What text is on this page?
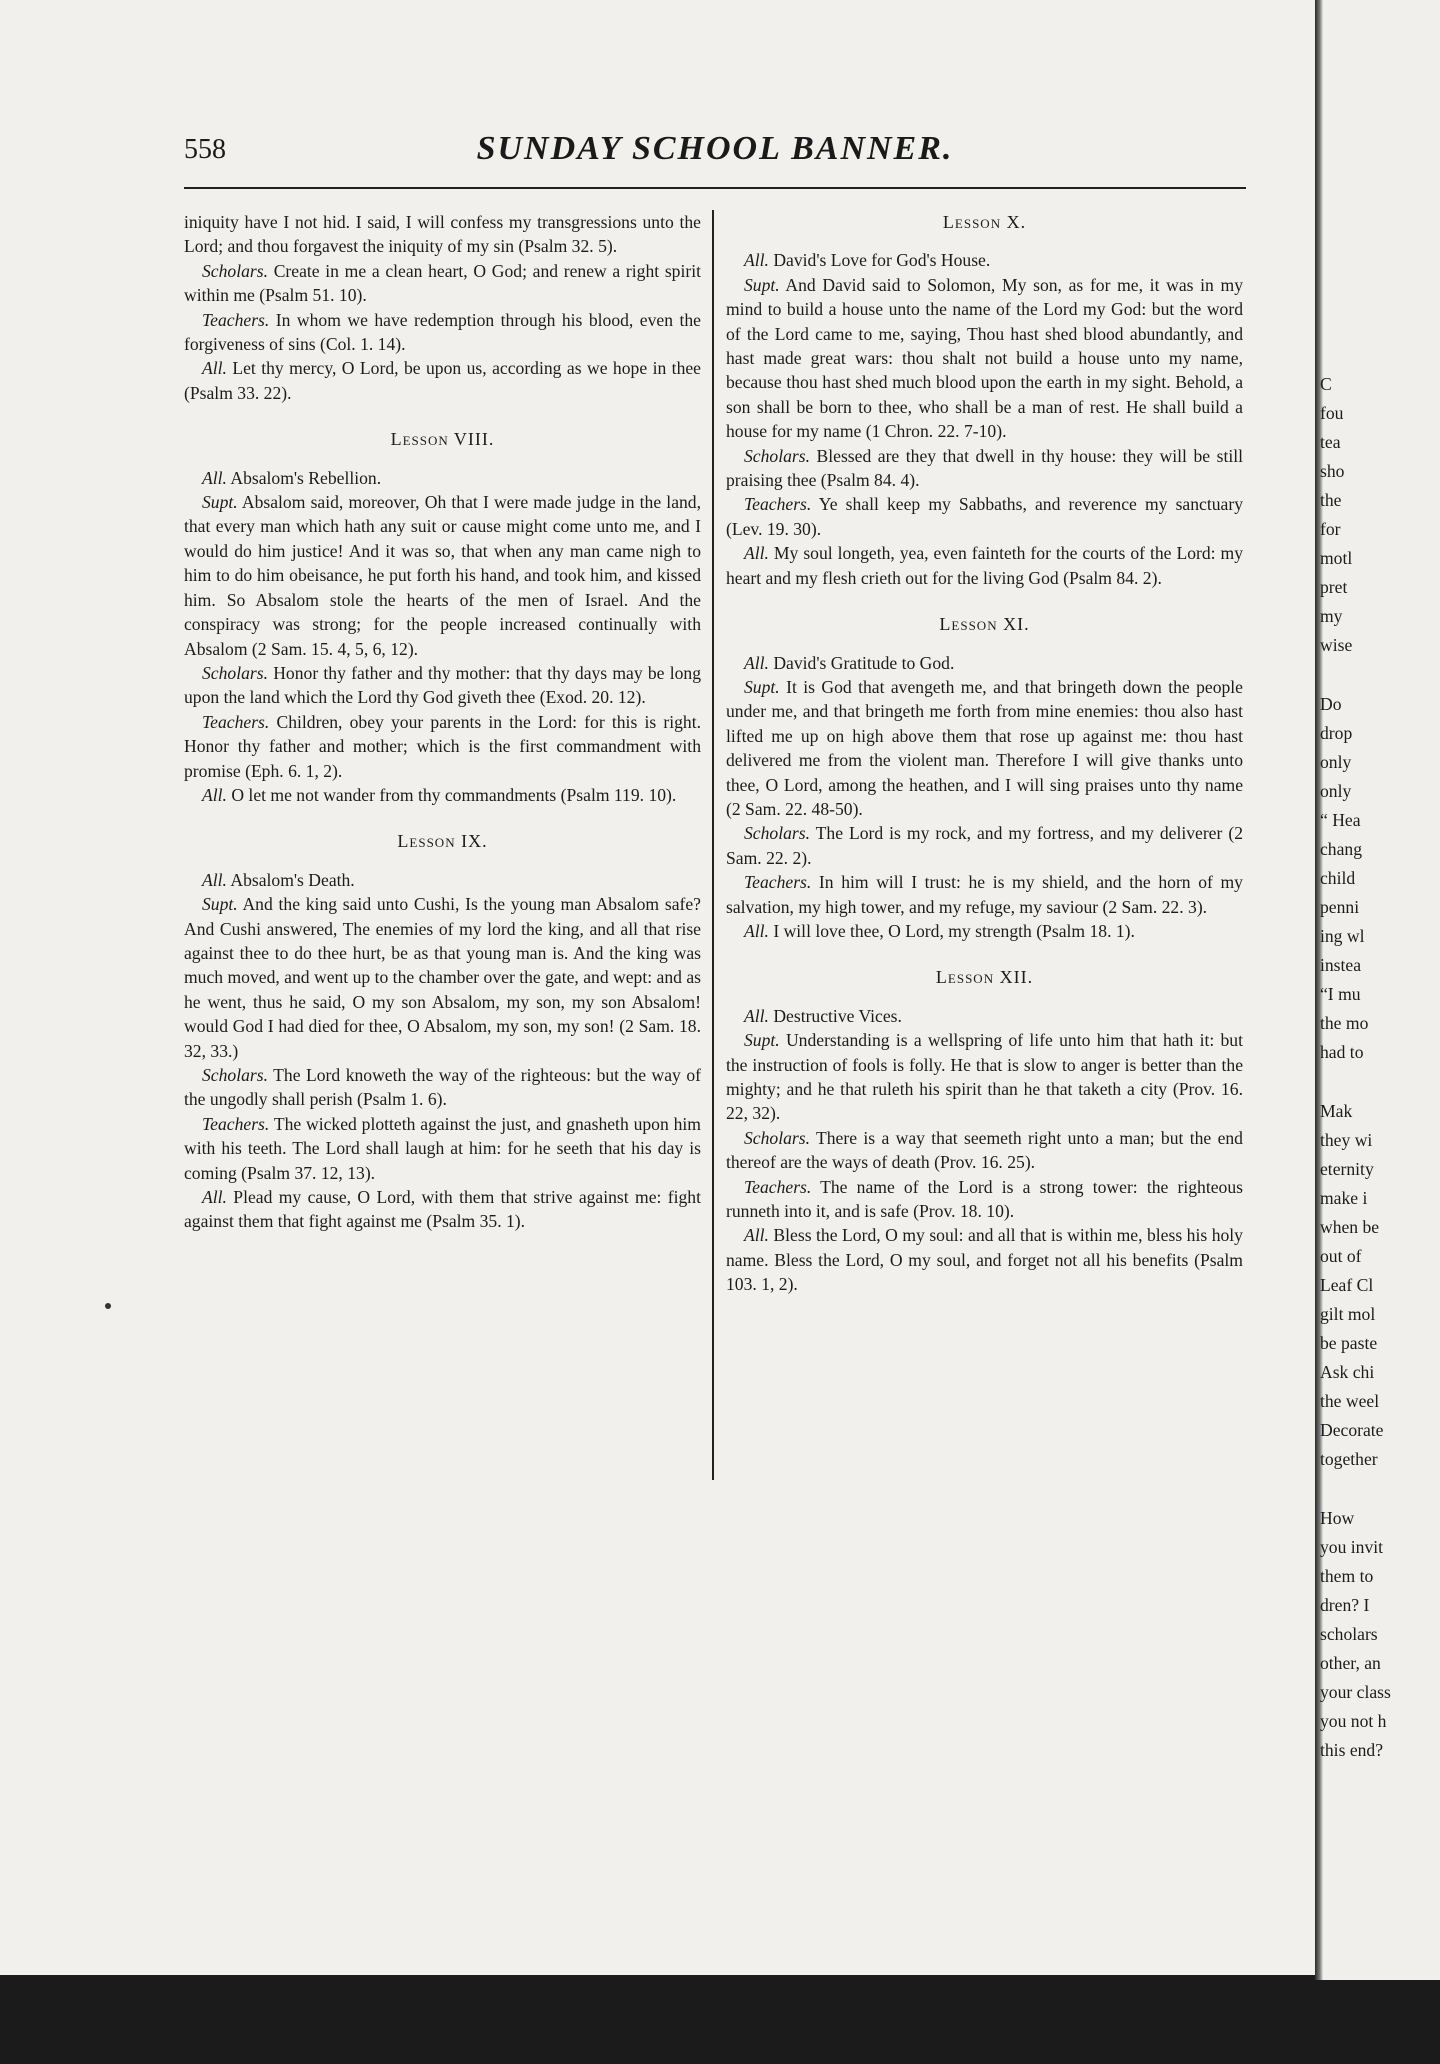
558	SUNDAY SCHOOL BANNER.

iniquity have I not hid. I said, I will confess my transgressions unto the Lord; and thou forgavest the iniquity of my sin (Psalm 32. 5).

Scholars. Create in me a clean heart, O God; and renew a right spirit within me (Psalm 51. 10).

Teachers. In whom we have redemption through his blood, even the forgiveness of sins (Col. 1. 14).

All. Let thy mercy, O Lord, be upon us, according as we hope in thee (Psalm 33. 22).

Lesson VIII.

All. Absalom's Rebellion.

Supt. Absalom said, moreover, Oh that I were made judge in the land, that every man which hath any suit or cause might come unto me, and I would do him justice! And it was so, that when any man came nigh to him to do him obeisance, he put forth his hand, and took him, and kissed him. So Absalom stole the hearts of the men of Israel. And the conspiracy was strong; for the people increased continually with Absalom (2 Sam. 15. 4, 5, 6, 12).

Scholars. Honor thy father and thy mother: that thy days may be long upon the land which the Lord thy God giveth thee (Exod. 20. 12).

Teachers. Children, obey your parents in the Lord: for this is right. Honor thy father and mother; which is the first commandment with promise (Eph. 6. 1, 2).

All. O let me not wander from thy commandments (Psalm 119. 10).

Lesson IX.

All. Absalom's Death.

Supt. And the king said unto Cushi, Is the young man Absalom safe? And Cushi answered, The enemies of my lord the king, and all that rise against thee to do thee hurt, be as that young man is. And the king was much moved, and went up to the chamber over the gate, and wept: and as he went, thus he said, O my son Absalom, my son, my son Absalom! would God I had died for thee, O Absalom, my son, my son! (2 Sam. 18. 32, 33.)

Scholars. The Lord knoweth the way of the righteous: but the way of the ungodly shall perish (Psalm 1. 6).

Teachers. The wicked plotteth against the just, and gnasheth upon him with his teeth. The Lord shall laugh at him: for he seeth that his day is coming (Psalm 37. 12, 13).

All. Plead my cause, O Lord, with them that strive against me: fight against them that fight against me (Psalm 35. 1).

Lesson X.

All. David's Love for God's House.

Supt. And David said to Solomon, My son, as for me, it was in my mind to build a house unto the name of the Lord my God: but the word of the Lord came to me, saying, Thou hast shed blood abundantly, and hast made great wars: thou shalt not build a house unto my name, because thou hast shed much blood upon the earth in my sight. Behold, a son shall be born to thee, who shall be a man of rest. He shall build a house for my name (1 Chron. 22. 7-10).

Scholars. Blessed are they that dwell in thy house: they will be still praising thee (Psalm 84. 4).

Teachers. Ye shall keep my Sabbaths, and reverence my sanctuary (Lev. 19. 30).

All. My soul longeth, yea, even fainteth for the courts of the Lord: my heart and my flesh crieth out for the living God (Psalm 84. 2).

Lesson XI.

All. David's Gratitude to God.

Supt. It is God that avengeth me, and that bringeth down the people under me, and that bringeth me forth from mine enemies: thou also hast lifted me up on high above them that rose up against me: thou hast delivered me from the violent man. Therefore I will give thanks unto thee, O Lord, among the heathen, and I will sing praises unto thy name (2 Sam. 22. 48-50).

Scholars. The Lord is my rock, and my fortress, and my deliverer (2 Sam. 22. 2).

Teachers. In him will I trust: he is my shield, and the horn of my salvation, my high tower, and my refuge, my saviour (2 Sam. 22. 3).

All. I will love thee, O Lord, my strength (Psalm 18. 1).

Lesson XII.

All. Destructive Vices.

Supt. Understanding is a wellspring of life unto him that hath it: but the instruction of fools is folly. He that is slow to anger is better than the mighty; and he that ruleth his spirit than he that taketh a city (Prov. 16. 22, 32).

Scholars. There is a way that seemeth right unto a man; but the end thereof are the ways of death (Prov. 16. 25).

Teachers. The name of the Lord is a strong tower: the righteous runneth into it, and is safe (Prov. 18. 10).

All. Bless the Lord, O my soul: and all that is within me, bless his holy name. Bless the Lord, O my soul, and forget not all his benefits (Psalm 103. 1, 2).

C
fou
tea
sho
the
for
motl
pret
my
wise
Do
drop
only
only
“ Hea
chang
child
penni
ing wl
instea
“I mu
the mo
had to
Mak
they wi
eternity
make i
when be
out of
Leaf Cl
gilt mol
be paste
Ask chi
the weel
Decorate
together
How
you invit
them to
dren? I
scholars
other, an
your class
you not h
this end?
